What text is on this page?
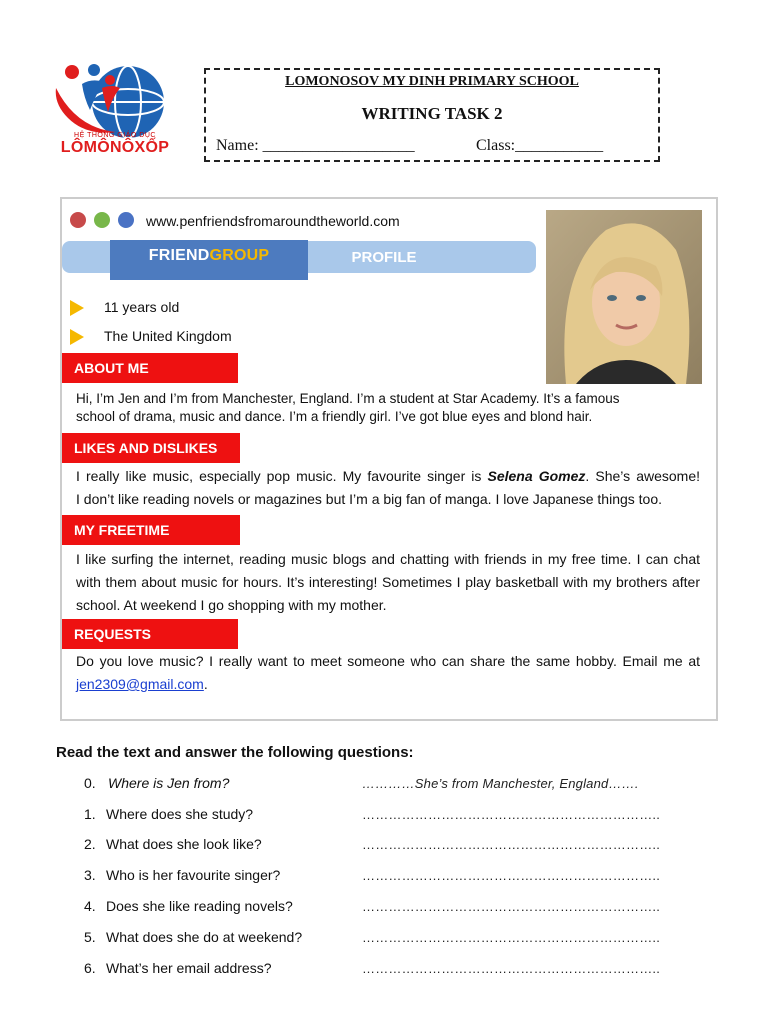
HỆ THỐNG GIÁO DỤC
LÔMÔNÔXỐP
LOMONOSOV MY DINH PRIMARY SCHOOL
WRITING TASK 2
Name: ___________________	Class:___________
www.penfriendsfromaroundtheworld.com
FRIENDGROUP	PROFILE
11 years old
The United Kingdom
ABOUT ME
Hi, I’m Jen and I’m from Manchester, England. I’m a student at Star Academy. It’s a famous
school of drama, music and dance. I’m a friendly girl. I’ve got blue eyes and blond hair.
LIKES AND DISLIKES
I really like music, especially pop music. My favourite singer is Selena Gomez. She’s awesome!
I don’t like reading novels or magazines but I’m a big fan of manga. I love Japanese things too.
MY FREETIME
I like surfing the internet, reading music blogs and chatting with friends in my free time. I can chat
with them about music for hours. It’s interesting! Sometimes I play basketball with my brothers after
school. At weekend I go shopping with my mother.
REQUESTS
Do you love music? I really want to meet someone who can share the same hobby. Email me at
jen2309@gmail.com.
Read the text and answer the following questions:
0. Where is Jen from?	…………She’s from Manchester, England…….
1. Where does she study?	…………………………………………………………..
2. What does she look like?	…………………………………………………………..
3. Who is her favourite singer?	…………………………………………………………..
4. Does she like reading novels?	…………………………………………………………..
5. What does she do at weekend?	…………………………………………………………..
6. What’s her email address?	…………………………………………………………..
